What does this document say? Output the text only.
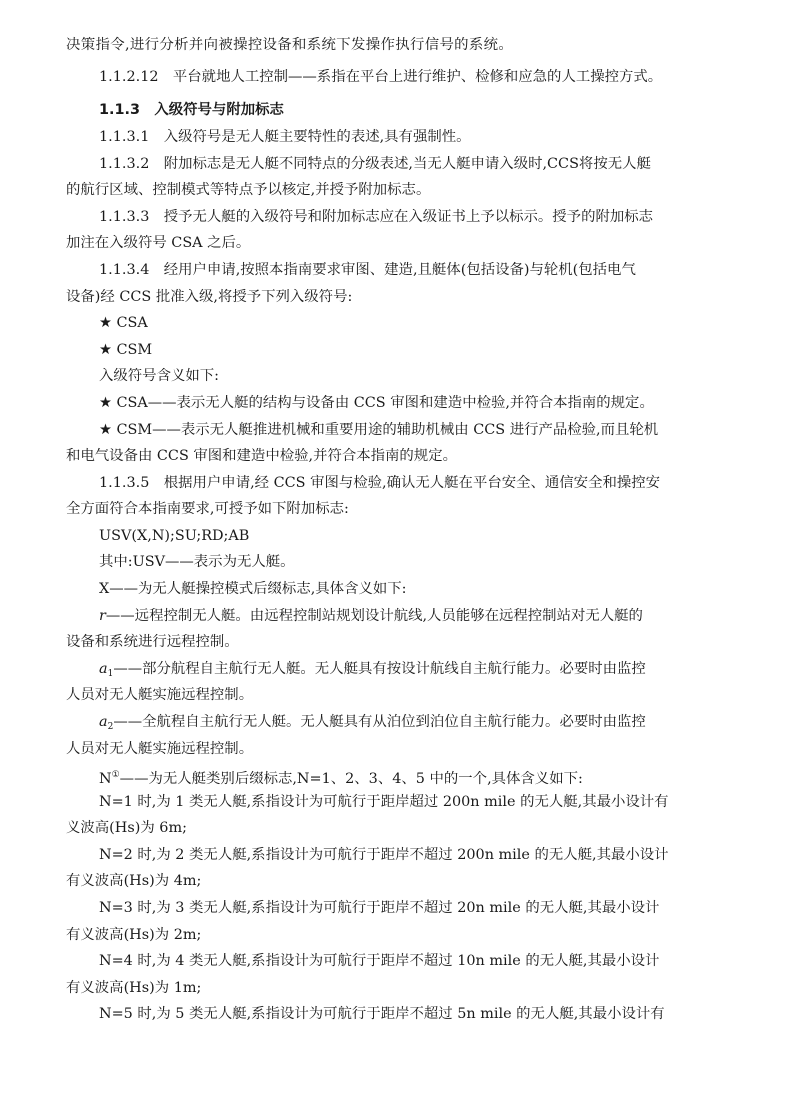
决策指令,进行分析并向被操控设备和系统下发操作执行信号的系统。
1.1.2.12　平台就地人工控制——系指在平台上进行维护、检修和应急的人工操控方式。
1.1.3　入级符号与附加标志
1.1.3.1　入级符号是无人艇主要特性的表述,具有强制性。
1.1.3.2　附加标志是无人艇不同特点的分级表述,当无人艇申请入级时,CCS将按无人艇
的航行区域、控制模式等特点予以核定,并授予附加标志。
1.1.3.3　授予无人艇的入级符号和附加标志应在入级证书上予以标示。授予的附加标志
加注在入级符号 CSA 之后。
1.1.3.4　经用户申请,按照本指南要求审图、建造,且艇体(包括设备)与轮机(包括电气
设备)经 CCS 批准入级,将授予下列入级符号:
★ CSA
★ CSM
入级符号含义如下:
★ CSA——表示无人艇的结构与设备由 CCS 审图和建造中检验,并符合本指南的规定。
★ CSM——表示无人艇推进机械和重要用途的辅助机械由 CCS 进行产品检验,而且轮机
和电气设备由 CCS 审图和建造中检验,并符合本指南的规定。
1.1.3.5　根据用户申请,经 CCS 审图与检验,确认无人艇在平台安全、通信安全和操控安
全方面符合本指南要求,可授予如下附加标志:
USV(X,N);SU;RD;AB
其中:USV——表示为无人艇。
X——为无人艇操控模式后缀标志,具体含义如下:
r——远程控制无人艇。由远程控制站规划设计航线,人员能够在远程控制站对无人艇的
设备和系统进行远程控制。
$a_1——$部分航程自主航行无人艇。无人艇具有按设计航线自主航行能力。必要时由监控
人员对无人艇实施远程控制。
$a_2——$全航程自主航行无人艇。无人艇具有从泊位到泊位自主航行能力。必要时由监控
人员对无人艇实施远程控制。
N①——为无人艇类别后缀标志,N=1、2、3、4、5 中的一个,具体含义如下:
N=1 时,为 1 类无人艇,系指设计为可航行于距岸超过 200n mile 的无人艇,其最小设计有
义波高(Hs)为 6m;
N=2 时,为 2 类无人艇,系指设计为可航行于距岸不超过 200n mile 的无人艇,其最小设计
有义波高(Hs)为 4m;
N=3 时,为 3 类无人艇,系指设计为可航行于距岸不超过 20n mile 的无人艇,其最小设计
有义波高(Hs)为 2m;
N=4 时,为 4 类无人艇,系指设计为可航行于距岸不超过 10n mile 的无人艇,其最小设计
有义波高(Hs)为 1m;
N=5 时,为 5 类无人艇,系指设计为可航行于距岸不超过 5n mile 的无人艇,其最小设计有
